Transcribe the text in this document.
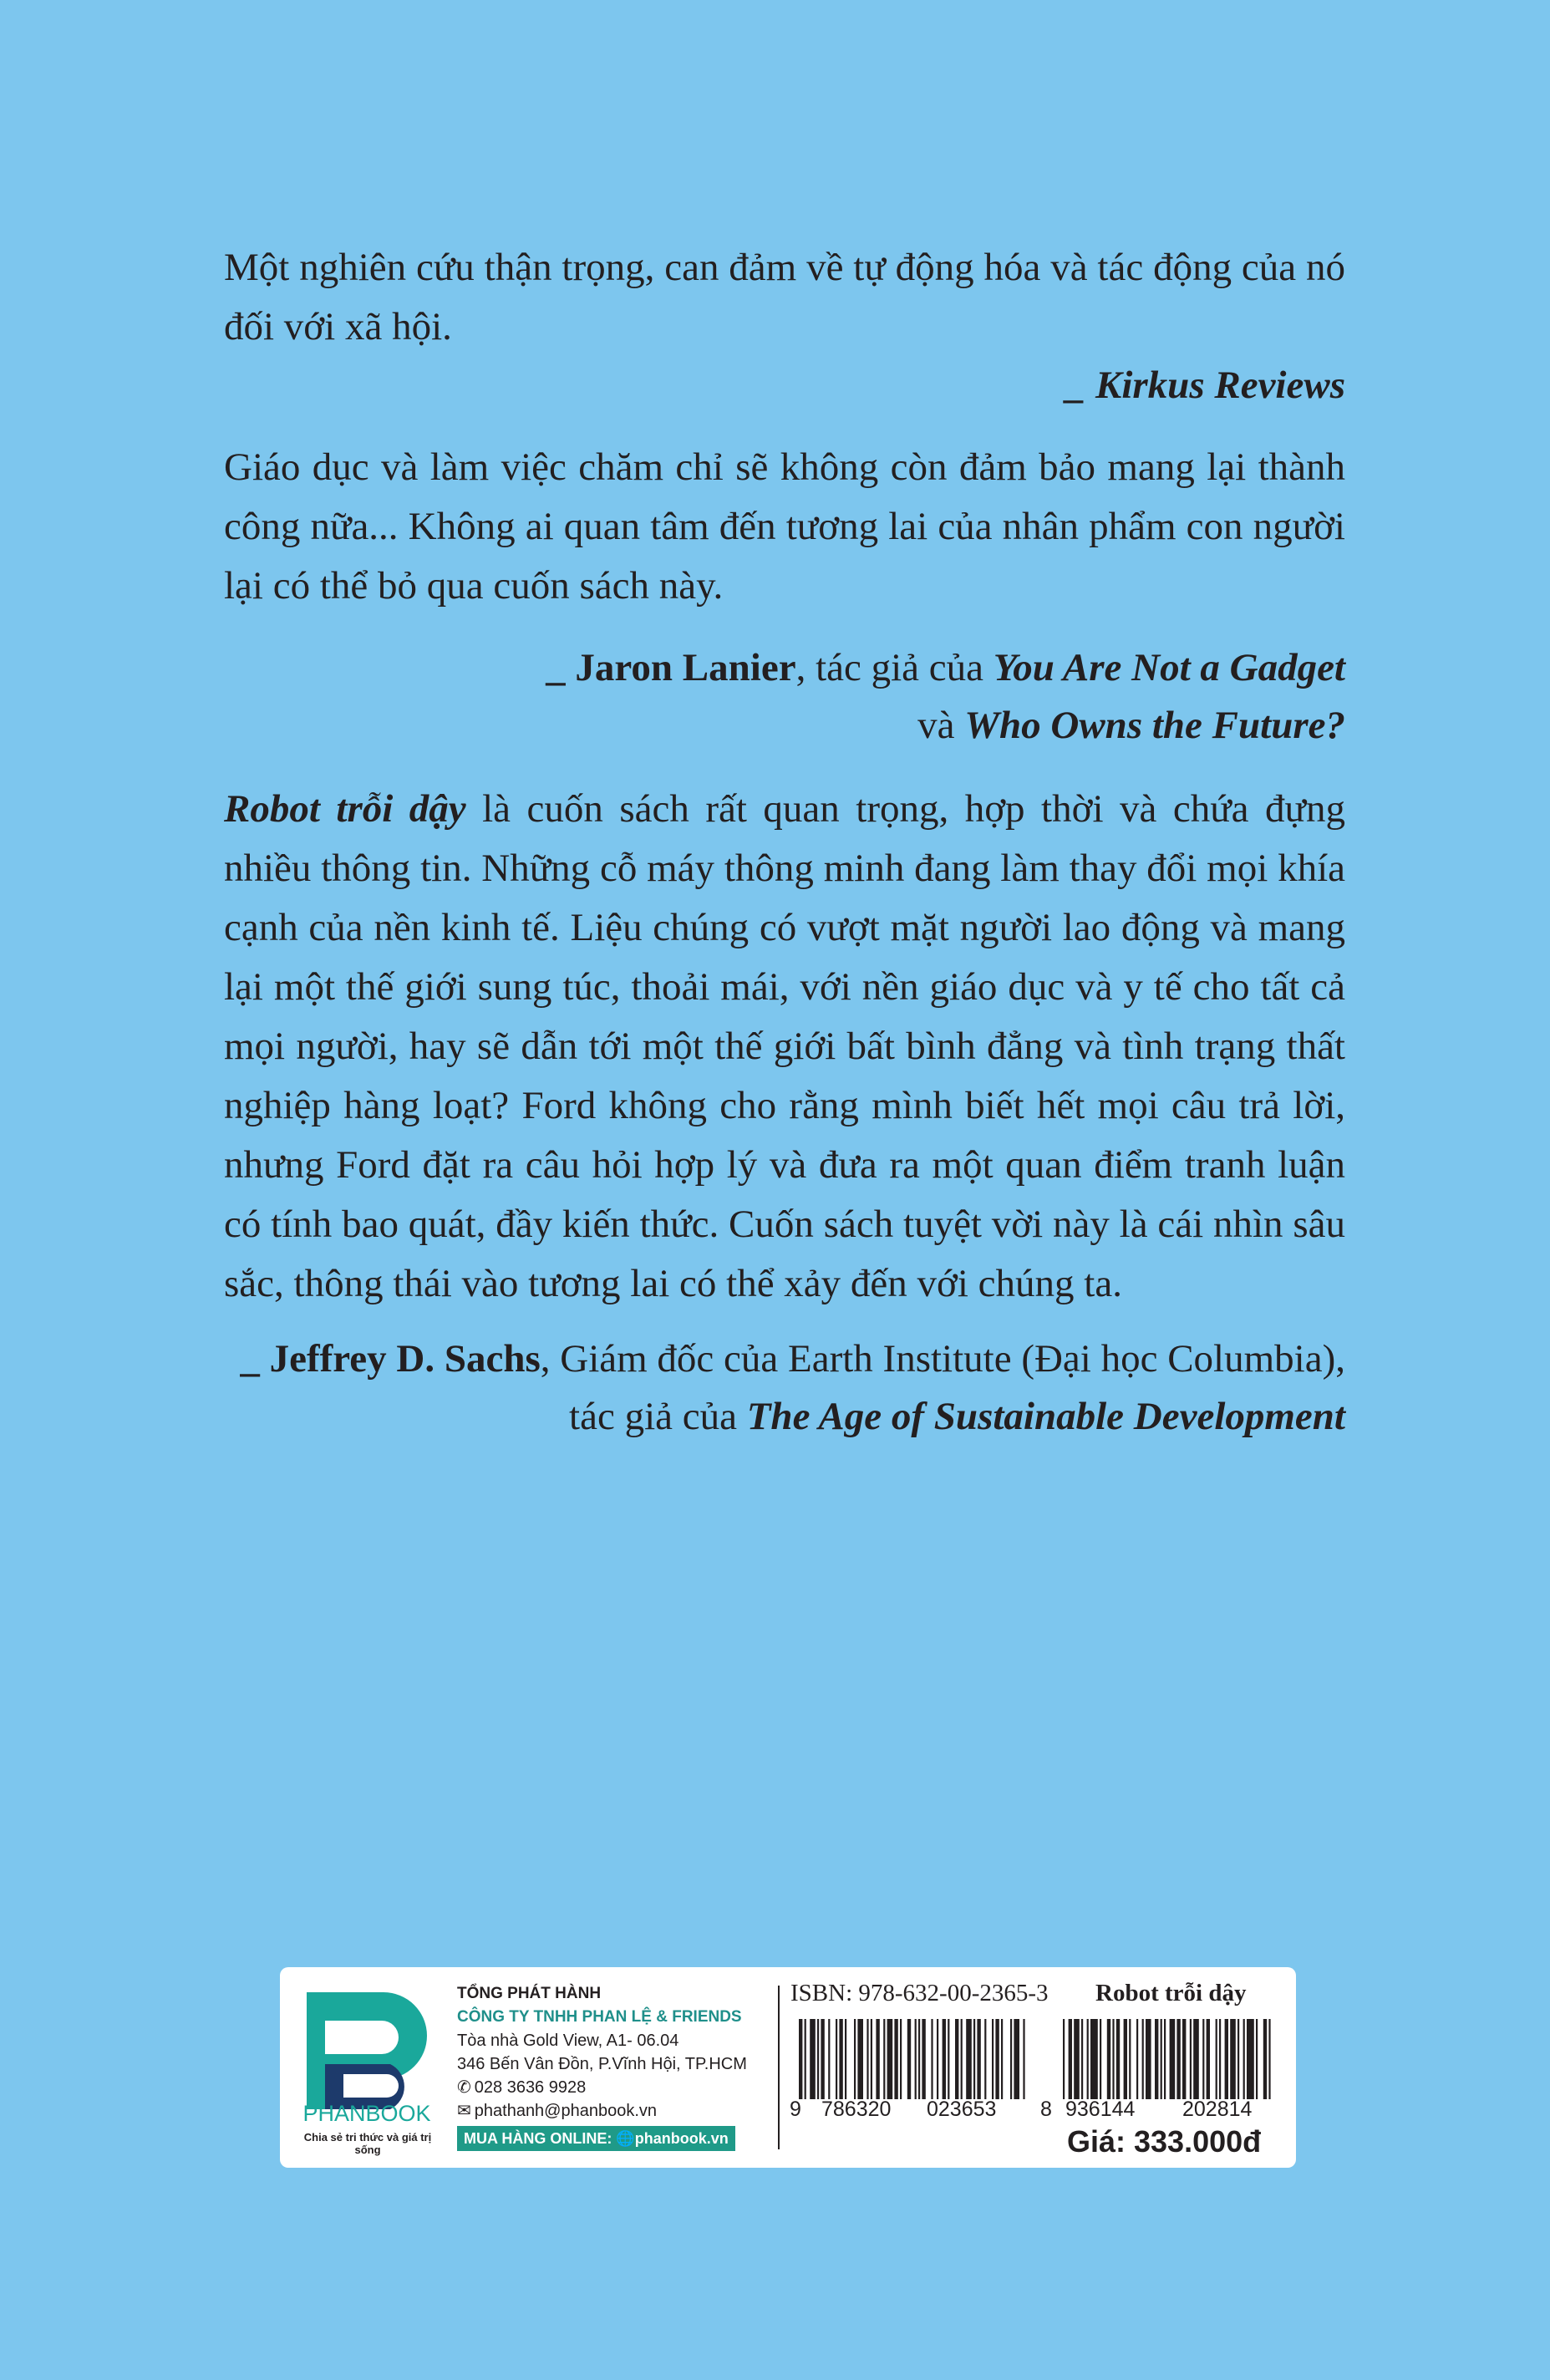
Một nghiên cứu thận trọng, can đảm về tự động hóa và tác động của nó đối với xã hội.

_ Kirkus Reviews

Giáo dục và làm việc chăm chỉ sẽ không còn đảm bảo mang lại thành công nữa... Không ai quan tâm đến tương lai của nhân phẩm con người lại có thể bỏ qua cuốn sách này.

_ Jaron Lanier, tác giả của You Are Not a Gadget
và Who Owns the Future?

Robot trỗi dậy là cuốn sách rất quan trọng, hợp thời và chứa đựng nhiều thông tin. Những cỗ máy thông minh đang làm thay đổi mọi khía cạnh của nền kinh tế. Liệu chúng có vượt mặt người lao động và mang lại một thế giới sung túc, thoải mái, với nền giáo dục và y tế cho tất cả mọi người, hay sẽ dẫn tới một thế giới bất bình đẳng và tình trạng thất nghiệp hàng loạt? Ford không cho rằng mình biết hết mọi câu trả lời, nhưng Ford đặt ra câu hỏi hợp lý và đưa ra một quan điểm tranh luận có tính bao quát, đầy kiến thức. Cuốn sách tuyệt vời này là cái nhìn sâu sắc, thông thái vào tương lai có thể xảy đến với chúng ta.

_ Jeffrey D. Sachs, Giám đốc của Earth Institute (Đại học Columbia),
tác giả của The Age of Sustainable Development

PHANBOOK
Chia sẻ tri thức và giá trị sống
TỔNG PHÁT HÀNH
CÔNG TY TNHH PHAN LỆ & FRIENDS
Tòa nhà Gold View, A1- 06.04
346 Bến Vân Đồn, P.Vĩnh Hội, TP.HCM
✆ 028 3636 9928
✉ phathanh@phanbook.vn
MUA HÀNG ONLINE: 🌐phanbook.vn
ISBN: 978-632-00-2365-3 Robot trỗi dậy
9 786320 023653 8 936144 202814
Giá: 333.000đ
